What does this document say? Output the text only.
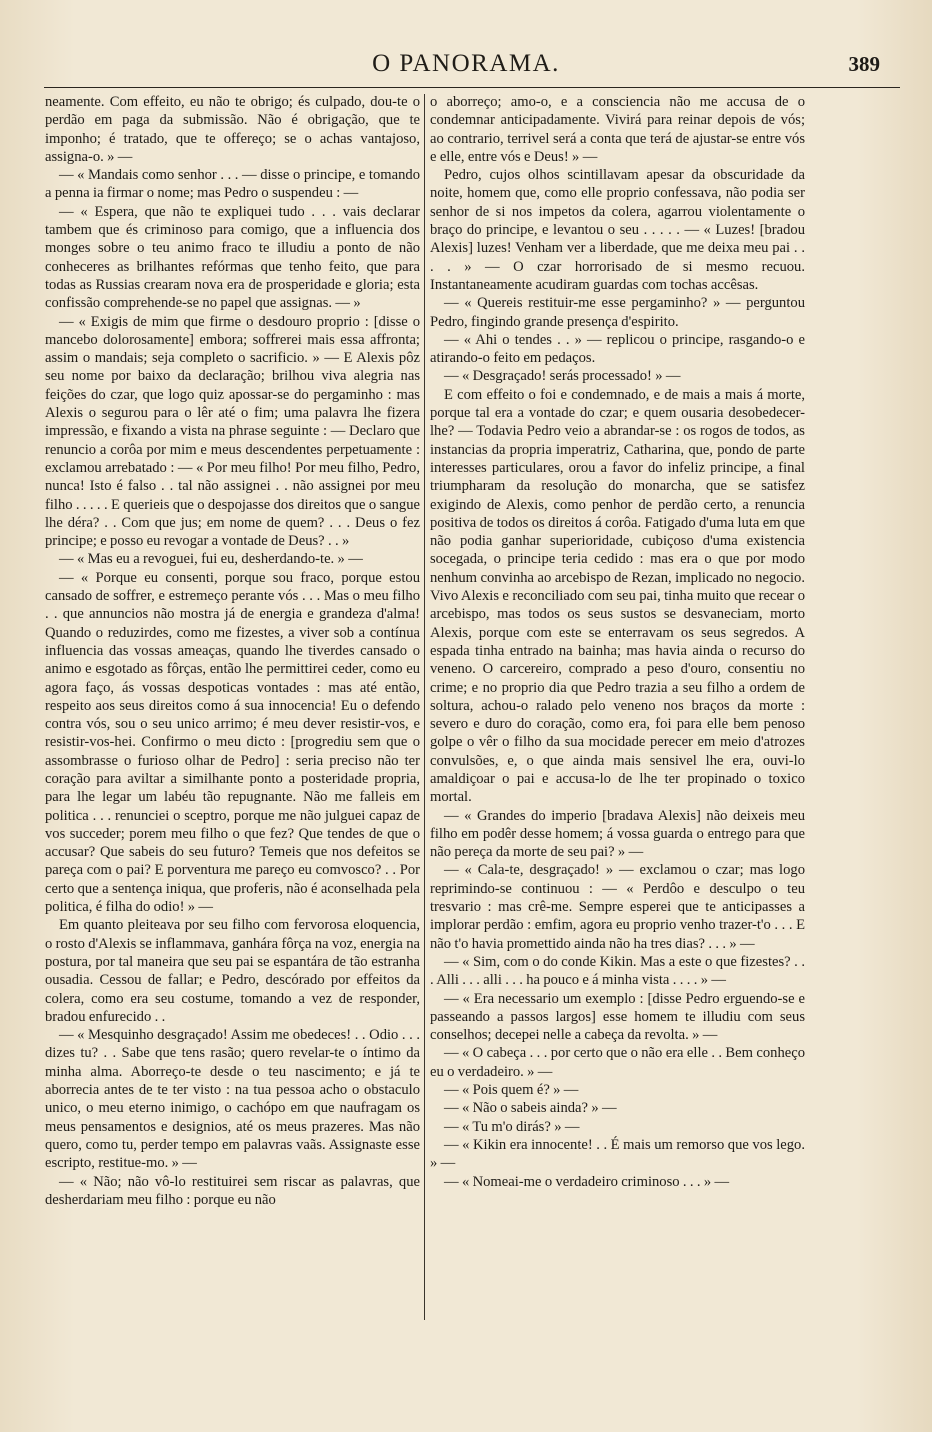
O PANORAMA.	389

neamente. Com effeito, eu não te obrigo; és culpado, dou-te o perdão em paga da submissão. Não é obrigação, que te imponho; é tratado, que te offereço; se o achas vantajoso, assigna-o. » —

— « Mandais como senhor . . . — disse o principe, e tomando a penna ia firmar o nome; mas Pedro o suspendeu : —

— « Espera, que não te expliquei tudo . . . vais declarar tambem que és criminoso para comigo, que a influencia dos monges sobre o teu animo fraco te illudiu a ponto de não conheceres as brilhantes refórmas que tenho feito, que para todas as Russias crearam nova era de prosperidade e gloria; esta confissão comprehende-se no papel que assignas. — »

— « Exigis de mim que firme o desdouro proprio : [disse o mancebo dolorosamente] embora; soffrerei mais essa affronta; assim o mandais; seja completo o sacrificio. » — E Alexis pôz seu nome por baixo da declaração; brilhou viva alegria nas feições do czar, que logo quiz apossar-se do pergaminho : mas Alexis o segurou para o lêr até o fim; uma palavra lhe fizera impressão, e fixando a vista na phrase seguinte : — Declaro que renuncio a corôa por mim e meus descendentes perpetuamente : exclamou arrebatado : — « Por meu filho! Por meu filho, Pedro, nunca! Isto é falso . . tal não assignei . . não assignei por meu filho . . . . . E querieis que o despojasse dos direitos que o sangue lhe déra? . . Com que jus; em nome de quem? . . . Deus o fez principe; e posso eu revogar a vontade de Deus? . . »

— « Mas eu a revoguei, fui eu, desherdando-te. » —

— « Porque eu consenti, porque sou fraco, porque estou cansado de soffrer, e estremeço perante vós . . . Mas o meu filho . . que annuncios não mostra já de energia e grandeza d'alma! Quando o reduzirdes, como me fizestes, a viver sob a contínua influencia das vossas ameaças, quando lhe tiverdes cansado o animo e esgotado as fôrças, então lhe permittirei ceder, como eu agora faço, ás vossas despoticas vontades : mas até então, respeito aos seus direitos como á sua innocencia! Eu o defendo contra vós, sou o seu unico arrimo; é meu dever resistir-vos, e resistir-vos-hei. Confirmo o meu dicto : [progrediu sem que o assombrasse o furioso olhar de Pedro] : seria preciso não ter coração para aviltar a similhante ponto a posteridade propria, para lhe legar um labéu tão repugnante. Não me falleis em politica . . . renunciei o sceptro, porque me não julguei capaz de vos succeder; porem meu filho o que fez? Que tendes de que o accusar? Que sabeis do seu futuro? Temeis que nos defeitos se pareça com o pai? E porventura me pareço eu comvosco? . . Por certo que a sentença iniqua, que proferis, não é aconselhada pela politica, é filha do odio! » —

Em quanto pleiteava por seu filho com fervorosa eloquencia, o rosto d'Alexis se inflammava, ganhára fôrça na voz, energia na postura, por tal maneira que seu pai se espantára de tão estranha ousadia. Cessou de fallar; e Pedro, descórado por effeitos da colera, como era seu costume, tomando a vez de responder, bradou enfurecido . .

— « Mesquinho desgraçado! Assim me obedeces! . . Odio . . . dizes tu? . . Sabe que tens rasão; quero revelar-te o íntimo da minha alma. Aborreço-te desde o teu nascimento; e já te aborrecia antes de te ter visto : na tua pessoa acho o obstaculo unico, o meu eterno inimigo, o cachópo em que naufragam os meus pensamentos e designios, até os meus prazeres. Mas não quero, como tu, perder tempo em palavras vaãs. Assignaste esse escripto, restitue-mo. » —

— « Não; não vô-lo restituirei sem riscar as palavras, que desherdariam meu filho : porque eu não

o aborreço; amo-o, e a consciencia não me accusa de o condemnar anticipadamente. Vivirá para reinar depois de vós; ao contrario, terrivel será a conta que terá de ajustar-se entre vós e elle, entre vós e Deus! » —

Pedro, cujos olhos scintillavam apesar da obscuridade da noite, homem que, como elle proprio confessava, não podia ser senhor de si nos impetos da colera, agarrou violentamente o braço do principe, e levantou o seu . . . . . — « Luzes! [bradou Alexis] luzes! Venham ver a liberdade, que me deixa meu pai . . . . » — O czar horrorisado de si mesmo recuou. Instantaneamente acudiram guardas com tochas accêsas.

— « Quereis restituir-me esse pergaminho? » — perguntou Pedro, fingindo grande presença d'espirito.

— « Ahi o tendes . . » — replicou o principe, rasgando-o e atirando-o feito em pedaços.

— « Desgraçado! serás processado! » —

E com effeito o foi e condemnado, e de mais a mais á morte, porque tal era a vontade do czar; e quem ousaria desobedecer-lhe? — Todavia Pedro veio a abrandar-se : os rogos de todos, as instancias da propria imperatriz, Catharina, que, pondo de parte interesses particulares, orou a favor do infeliz principe, a final triumpharam da resolução do monarcha, que se satisfez exigindo de Alexis, como penhor de perdão certo, a renuncia positiva de todos os direitos á corôa. Fatigado d'uma luta em que não podia ganhar superioridade, cubiçoso d'uma existencia socegada, o principe teria cedido : mas era o que por modo nenhum convinha ao arcebispo de Rezan, implicado no negocio. Vivo Alexis e reconciliado com seu pai, tinha muito que recear o arcebispo, mas todos os seus sustos se desvaneciam, morto Alexis, porque com este se enterravam os seus segredos. A espada tinha entrado na bainha; mas havia ainda o recurso do veneno. O carcereiro, comprado a peso d'ouro, consentiu no crime; e no proprio dia que Pedro trazia a seu filho a ordem de soltura, achou-o ralado pelo veneno nos braços da morte : severo e duro do coração, como era, foi para elle bem penoso golpe o vêr o filho da sua mocidade perecer em meio d'atrozes convulsões, e, o que ainda mais sensivel lhe era, ouvi-lo amaldiçoar o pai e accusa-lo de lhe ter propinado o toxico mortal.

— « Grandes do imperio [bradava Alexis] não deixeis meu filho em podêr desse homem; á vossa guarda o entrego para que não pereça da morte de seu pai? » —

— « Cala-te, desgraçado! » — exclamou o czar; mas logo reprimindo-se continuou : — « Perdôo e desculpo o teu tresvario : mas crê-me. Sempre esperei que te anticipasses a implorar perdão : emfim, agora eu proprio venho trazer-t'o . . . E não t'o havia promettido ainda não ha tres dias? . . . » —

— « Sim, com o do conde Kikin. Mas a este o que fizestes? . . . Alli . . . alli . . . ha pouco e á minha vista . . . . » —

— « Era necessario um exemplo : [disse Pedro erguendo-se e passeando a passos largos] esse homem te illudiu com seus conselhos; decepei nelle a cabeça da revolta. » —

— « O cabeça . . . por certo que o não era elle . . Bem conheço eu o verdadeiro. » —

— « Pois quem é? » —

— « Não o sabeis ainda? » —

— « Tu m'o dirás? » —

— « Kikin era innocente! . . É mais um remorso que vos lego. » —

— « Nomeai-me o verdadeiro criminoso . . . » —
